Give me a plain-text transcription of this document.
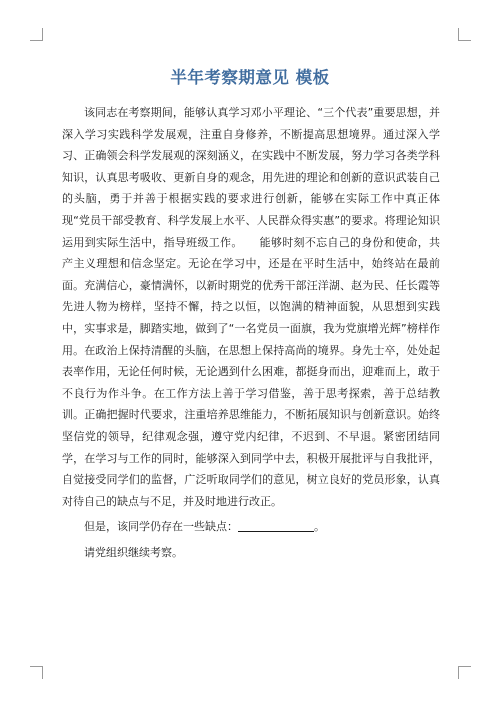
半年考察期意见 模板

该同志在考察期间，能够认真学习邓小平理论、“三个代表”重要思想，并深入学习实践科学发展观，注重自身修养，不断提高思想境界。通过深入学习、正确领会科学发展观的深刻涵义，在实践中不断发展，努力学习各类学科知识，认真思考吸收、更新自身的观念，用先进的理论和创新的意识武装自己的头脑，勇于并善于根据实践的要求进行创新，能够在实际工作中真正体现“党员干部受教育、科学发展上水平、人民群众得实惠”的要求。将理论知识运用到实际生活中，指导班级工作。　　能够时刻不忘自己的身份和使命，共产主义理想和信念坚定。无论在学习中，还是在平时生活中，始终站在最前面。充满信心，豪情满怀，以新时期党的优秀干部汪洋湖、赵为民、任长霞等先进人物为榜样，坚持不懈，持之以恒，以饱满的精神面貌，从思想到实践中，实事求是，脚踏实地，做到了“一名党员一面旗，我为党旗增光辉”榜样作用。在政治上保持清醒的头脑，在思想上保持高尚的境界。身先士卒，处处起表率作用，无论任何时候，无论遇到什么困难，都挺身而出，迎难而上，敢于不良行为作斗争。在工作方法上善于学习借鉴，善于思考探索，善于总结教训。正确把握时代要求，注重培养思维能力，不断拓展知识与创新意识。始终坚信党的领导，纪律观念强，遵守党内纪律，不迟到、不早退。紧密团结同学，在学习与工作的同时，能够深入到同学中去，积极开展批评与自我批评，自觉接受同学们的监督，广泛听取同学们的意见，树立良好的党员形象，认真对待自己的缺点与不足，并及时地进行改正。

但是，该同学仍存在一些缺点：	。

请党组织继续考察。
